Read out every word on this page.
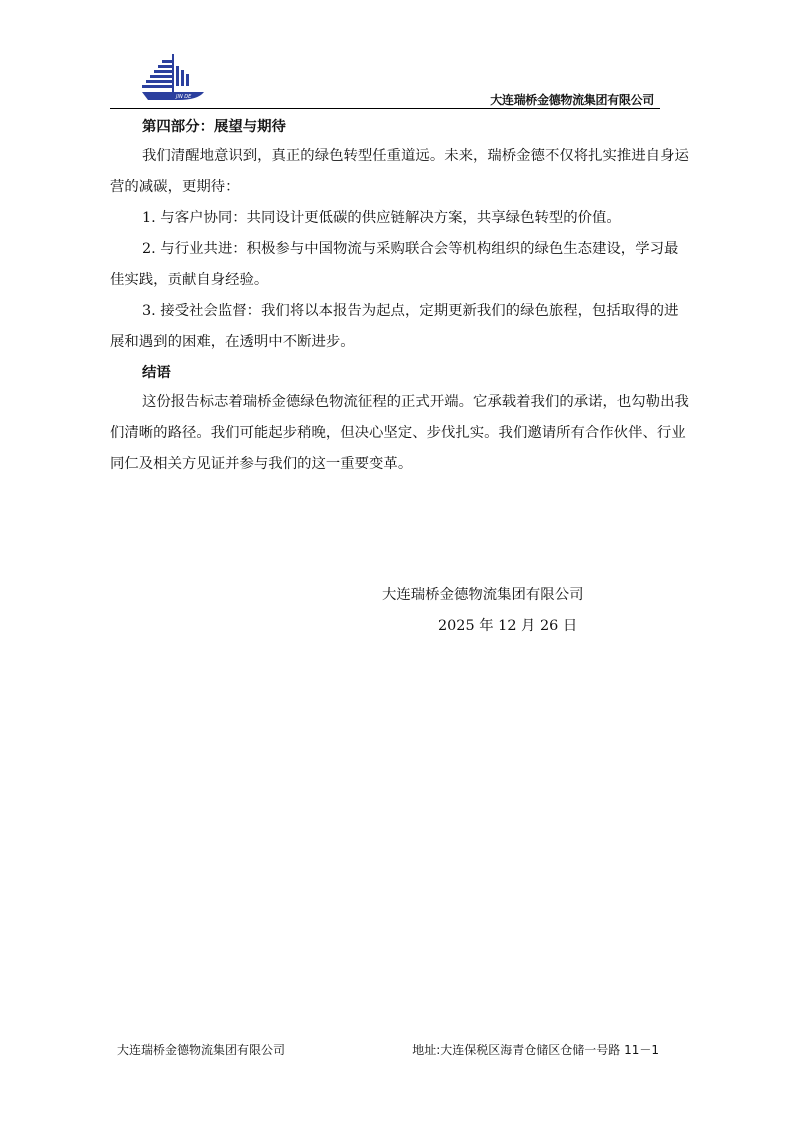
JIN DE	大连瑞桥金德物流集团有限公司
第四部分：展望与期待

我们清醒地意识到，真正的绿色转型任重道远。未来，瑞桥金德不仅将扎实推进自身运营的减碳，更期待：

1. 与客户协同：共同设计更低碳的供应链解决方案，共享绿色转型的价值。

2. 与行业共进：积极参与中国物流与采购联合会等机构组织的绿色生态建设，学习最佳实践，贡献自身经验。

3. 接受社会监督：我们将以本报告为起点，定期更新我们的绿色旅程，包括取得的进展和遇到的困难，在透明中不断进步。

结语

这份报告标志着瑞桥金德绿色物流征程的正式开端。它承载着我们的承诺，也勾勒出我们清晰的路径。我们可能起步稍晚，但决心坚定、步伐扎实。我们邀请所有合作伙伴、行业同仁及相关方见证并参与我们的这一重要变革。

大连瑞桥金德物流集团有限公司
2025 年 12 月 26 日
大连瑞桥金德物流集团有限公司	地址:大连保税区海青仓储区仓储一号路 11－1
